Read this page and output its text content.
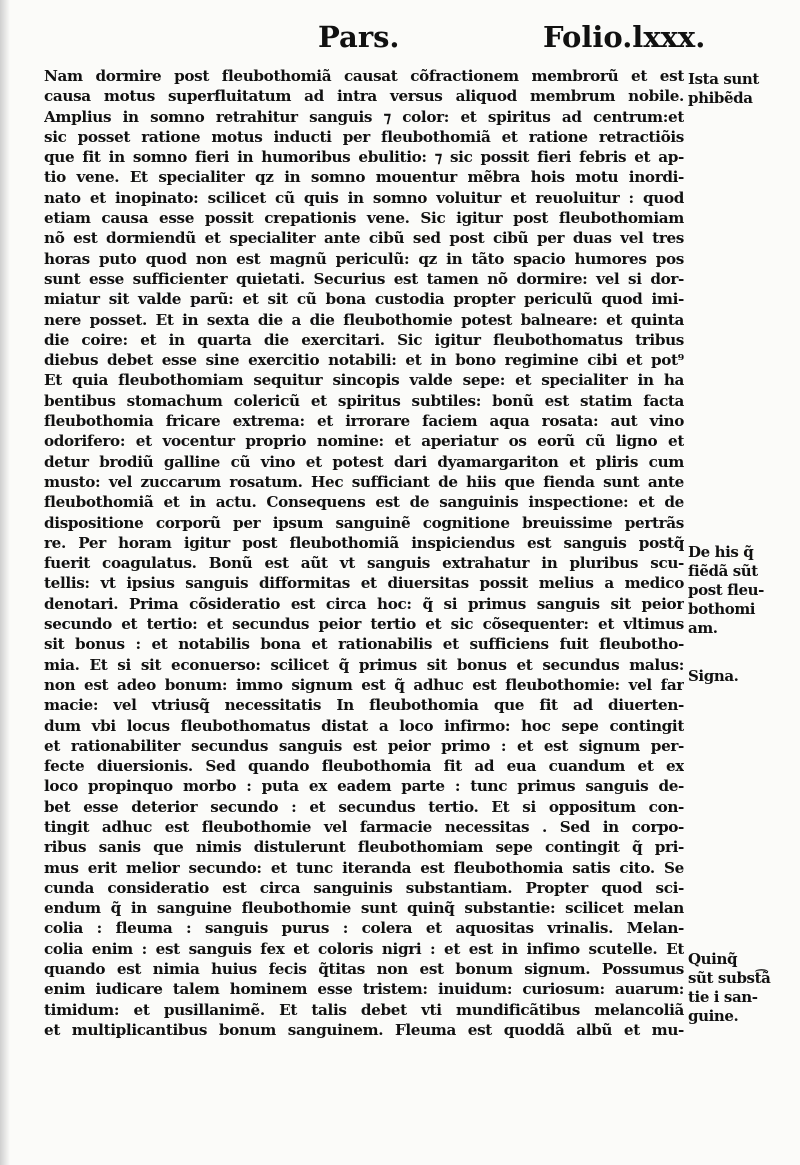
Pars.	Folio.lxxx.
Nam dormire post fleubothomiã causat cõfractionem membrorũ et est
causa motus superfluitatum ad intra versus aliquod membrum nobile.
Amplius in somno retrahitur sanguis ⁊ color: et spiritus ad centrum:et
sic posset ratione motus inducti per fleubothomiã et ratione retractiõis
que fit in somno fieri in humoribus ebulitio: ⁊ sic possit fieri febris et ap-
tio vene. Et specialiter qz in somno mouentur mẽbra hois motu inordi-
nato et inopinato: scilicet cũ quis in somno voluitur et reuoluitur : quod
etiam causa esse possit crepationis vene. Sic igitur post fleubothomiam
nõ est dormiendũ et specialiter ante cibũ sed post cibũ per duas vel tres
horas puto quod non est magnũ periculũ: qz in tãto spacio humores pos
sunt esse sufficienter quietati. Securius est tamen nõ dormire: vel si dor-
miatur sit valde parũ: et sit cũ bona custodia propter periculũ quod imi-
nere posset. Et in sexta die a die fleubothomie potest balneare: et quinta
die coire: et in quarta die exercitari. Sic igitur fleubothomatus tribus
diebus debet esse sine exercitio notabili: et in bono regimine cibi et pot⁹
Et quia fleubothomiam sequitur sincopis valde sepe: et specialiter in ha
bentibus stomachum colericũ et spiritus subtiles: bonũ est statim facta
fleubothomia fricare extrema: et irrorare faciem aqua rosata: aut vino
odorifero: et vocentur proprio nomine: et aperiatur os eorũ cũ ligno et
detur brodiũ galline cũ vino et potest dari dyamargariton et pliris cum
musto: vel zuccarum rosatum. Hec sufficiant de hiis que fienda sunt ante
fleubothomiã et in actu. Consequens est de sanguinis inspectione: et de
dispositione corporũ per ipsum sanguinẽ cognitione breuissime pertrãs
re. Per horam igitur post fleubothomiã inspiciendus est sanguis postq̃
fuerit coagulatus. Bonũ est aũt vt sanguis extrahatur in pluribus scu-
tellis: vt ipsius sanguis difformitas et diuersitas possit melius a medico
denotari. Prima cõsideratio est circa hoc: q̃ si primus sanguis sit peior
secundo et tertio: et secundus peior tertio et sic cõsequenter: et vltimus
sit bonus : et notabilis bona et rationabilis et sufficiens fuit fleubotho-
mia. Et si sit econuerso: scilicet q̃ primus sit bonus et secundus malus:
non est adeo bonum: immo signum est q̃ adhuc est fleubothomie: vel far
macie: vel vtriusq̃ necessitatis In fleubothomia que fit ad diuerten-
dum vbi locus fleubothomatus distat a loco infirmo: hoc sepe contingit
et rationabiliter secundus sanguis est peior primo : et est signum per-
fecte diuersionis. Sed quando fleubothomia fit ad eua cuandum et ex
loco propinquo morbo : puta ex eadem parte : tunc primus sanguis de-
bet esse deterior secundo : et secundus tertio. Et si oppositum con-
tingit adhuc est fleubothomie vel farmacie necessitas . Sed in corpo-
ribus sanis que nimis distulerunt fleubothomiam sepe contingit q̃ pri-
mus erit melior secundo: et tunc iteranda est fleubothomia satis cito. Se
cunda consideratio est circa sanguinis substantiam. Propter quod sci-
endum q̃ in sanguine fleubothomie sunt quinq̃ substantie: scilicet melan
colia : fleuma : sanguis purus : colera et aquositas vrinalis. Melan-
colia enim : est sanguis fex et coloris nigri : et est in infimo scutelle. Et
quando est nimia huius fecis q̃titas non est bonum signum. Possumus
enim iudicare talem hominem esse tristem: inuidum: curiosum: auarum:
timidum: et pusillanimẽ. Et talis debet vti mundificãtibus melancoliã
et multiplicantibus bonum sanguinem. Fleuma est quoddã albũ et mu-
Ista sunt
phibẽda
De his q̃
fiẽdã sũt
post fleu-
bothomi
am.
Signa.
Quinq̃
sũt subst͡ã
tie i san-
guine.
